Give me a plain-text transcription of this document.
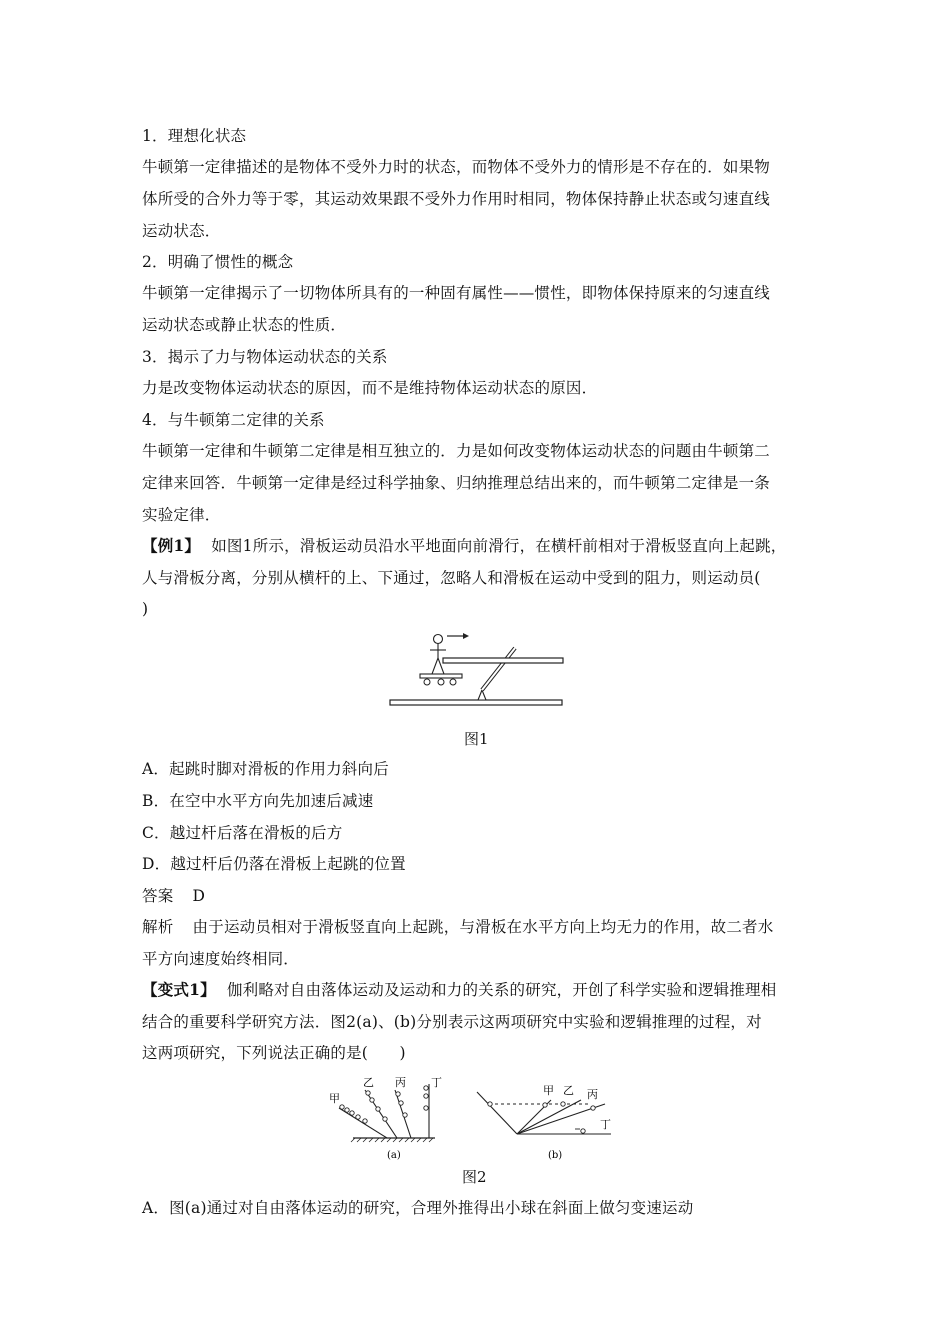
1．理想化状态
牛顿第一定律描述的是物体不受外力时的状态，而物体不受外力的情形是不存在的．如果物
体所受的合外力等于零，其运动效果跟不受外力作用时相同，物体保持静止状态或匀速直线
运动状态．
2．明确了惯性的概念
牛顿第一定律揭示了一切物体所具有的一种固有属性——惯性，即物体保持原来的匀速直线
运动状态或静止状态的性质．
3．揭示了力与物体运动状态的关系
力是改变物体运动状态的原因，而不是维持物体运动状态的原因．
4．与牛顿第二定律的关系
牛顿第一定律和牛顿第二定律是相互独立的．力是如何改变物体运动状态的问题由牛顿第二
定律来回答．牛顿第一定律是经过科学抽象、归纳推理总结出来的，而牛顿第二定律是一条
实验定律．
【例1】 如图1所示，滑板运动员沿水平地面向前滑行，在横杆前相对于滑板竖直向上起跳，
人与滑板分离，分别从横杆的上、下通过，忽略人和滑板在运动中受到的阻力，则运动员(
)
图1
A．起跳时脚对滑板的作用力斜向后
B．在空中水平方向先加速后减速
C．越过杆后落在滑板的后方
D．越过杆后仍落在滑板上起跳的位置
答案 D
解析 由于运动员相对于滑板竖直向上起跳，与滑板在水平方向上均无力的作用，故二者水
平方向速度始终相同．
【变式1】 伽利略对自由落体运动及运动和力的关系的研究，开创了科学实验和逻辑推理相
结合的重要科学研究方法．图2(a)、(b)分别表示这两项研究中实验和逻辑推理的过程，对
这两项研究，下列说法正确的是(　　)
甲
乙 丙 丁
(a)
甲 乙 丙
丁
(b)
图2
A．图(a)通过对自由落体运动的研究，合理外推得出小球在斜面上做匀变速运动
